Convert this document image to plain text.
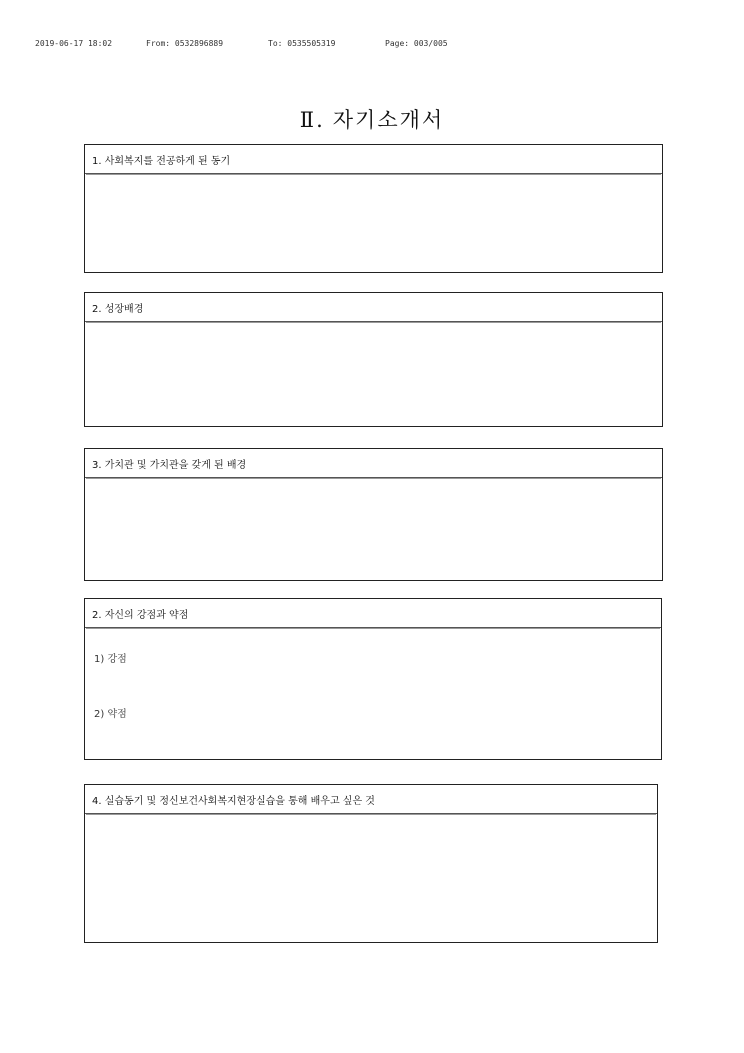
2019-06-17 18:02	From: 0532896889	To: 0535505319	Page: 003/005
Ⅱ. 자기소개서
1. 사회복지를 전공하게 된 동기
2. 성장배경
3. 가치관 및 가치관을 갖게 된 배경
2. 자신의 강점과 약점
1) 강점
2) 약점
4. 실습동기 및 정신보건사회복지현장실습을 통해 배우고 싶은 것
